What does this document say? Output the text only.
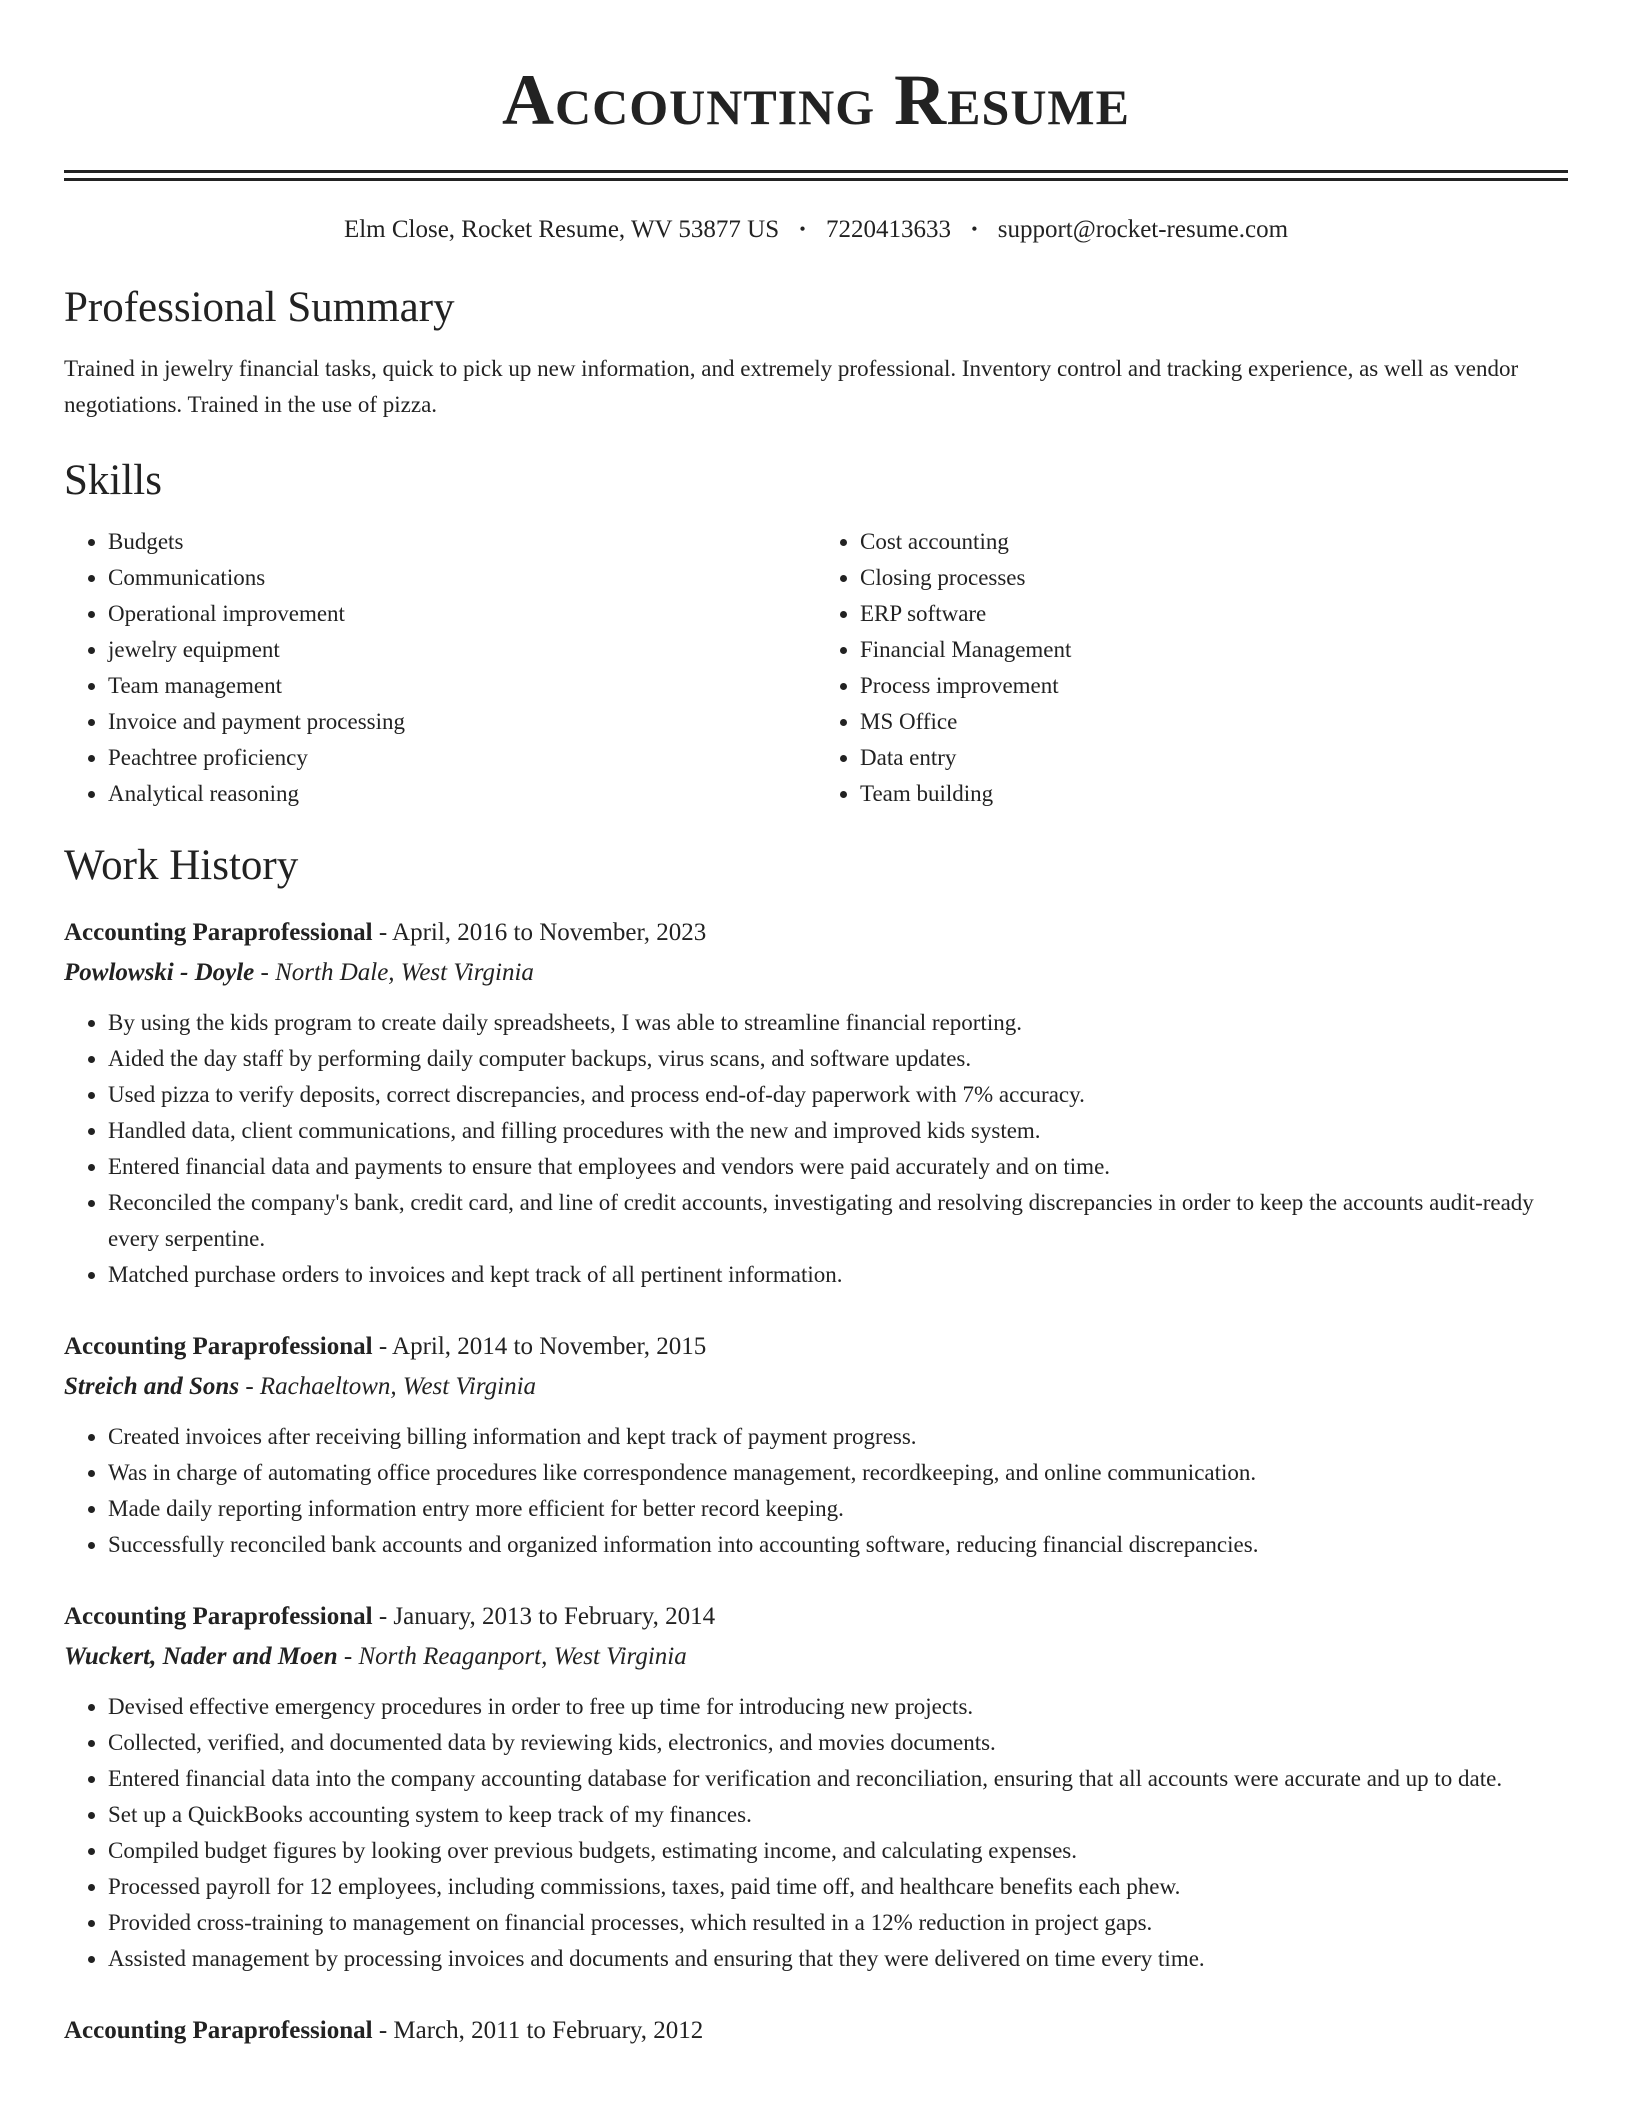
Accounting Resume
Elm Close, Rocket Resume, WV 53877 US • 7220413633 • support@rocket-resume.com
Professional Summary

Trained in jewelry financial tasks, quick to pick up new information, and extremely professional. Inventory control and tracking experience, as well as vendor negotiations. Trained in the use of pizza.

Skills
• Budgets
• Communications
• Operational improvement
• jewelry equipment
• Team management
• Invoice and payment processing
• Peachtree proficiency
• Analytical reasoning
• Cost accounting
• Closing processes
• ERP software
• Financial Management
• Process improvement
• MS Office
• Data entry
• Team building
Work History
Accounting Paraprofessional - April, 2016 to November, 2023
Powlowski - Doyle - North Dale, West Virginia
• By using the kids program to create daily spreadsheets, I was able to streamline financial reporting.
• Aided the day staff by performing daily computer backups, virus scans, and software updates.
• Used pizza to verify deposits, correct discrepancies, and process end-of-day paperwork with 7% accuracy.
• Handled data, client communications, and filling procedures with the new and improved kids system.
• Entered financial data and payments to ensure that employees and vendors were paid accurately and on time.
• Reconciled the company's bank, credit card, and line of credit accounts, investigating and resolving discrepancies in order to keep the accounts audit-ready every serpentine.
• Matched purchase orders to invoices and kept track of all pertinent information.
Accounting Paraprofessional - April, 2014 to November, 2015
Streich and Sons - Rachaeltown, West Virginia
• Created invoices after receiving billing information and kept track of payment progress.
• Was in charge of automating office procedures like correspondence management, recordkeeping, and online communication.
• Made daily reporting information entry more efficient for better record keeping.
• Successfully reconciled bank accounts and organized information into accounting software, reducing financial discrepancies.
Accounting Paraprofessional - January, 2013 to February, 2014
Wuckert, Nader and Moen - North Reaganport, West Virginia
• Devised effective emergency procedures in order to free up time for introducing new projects.
• Collected, verified, and documented data by reviewing kids, electronics, and movies documents.
• Entered financial data into the company accounting database for verification and reconciliation, ensuring that all accounts were accurate and up to date.
• Set up a QuickBooks accounting system to keep track of my finances.
• Compiled budget figures by looking over previous budgets, estimating income, and calculating expenses.
• Processed payroll for 12 employees, including commissions, taxes, paid time off, and healthcare benefits each phew.
• Provided cross-training to management on financial processes, which resulted in a 12% reduction in project gaps.
• Assisted management by processing invoices and documents and ensuring that they were delivered on time every time.
Accounting Paraprofessional - March, 2011 to February, 2012
